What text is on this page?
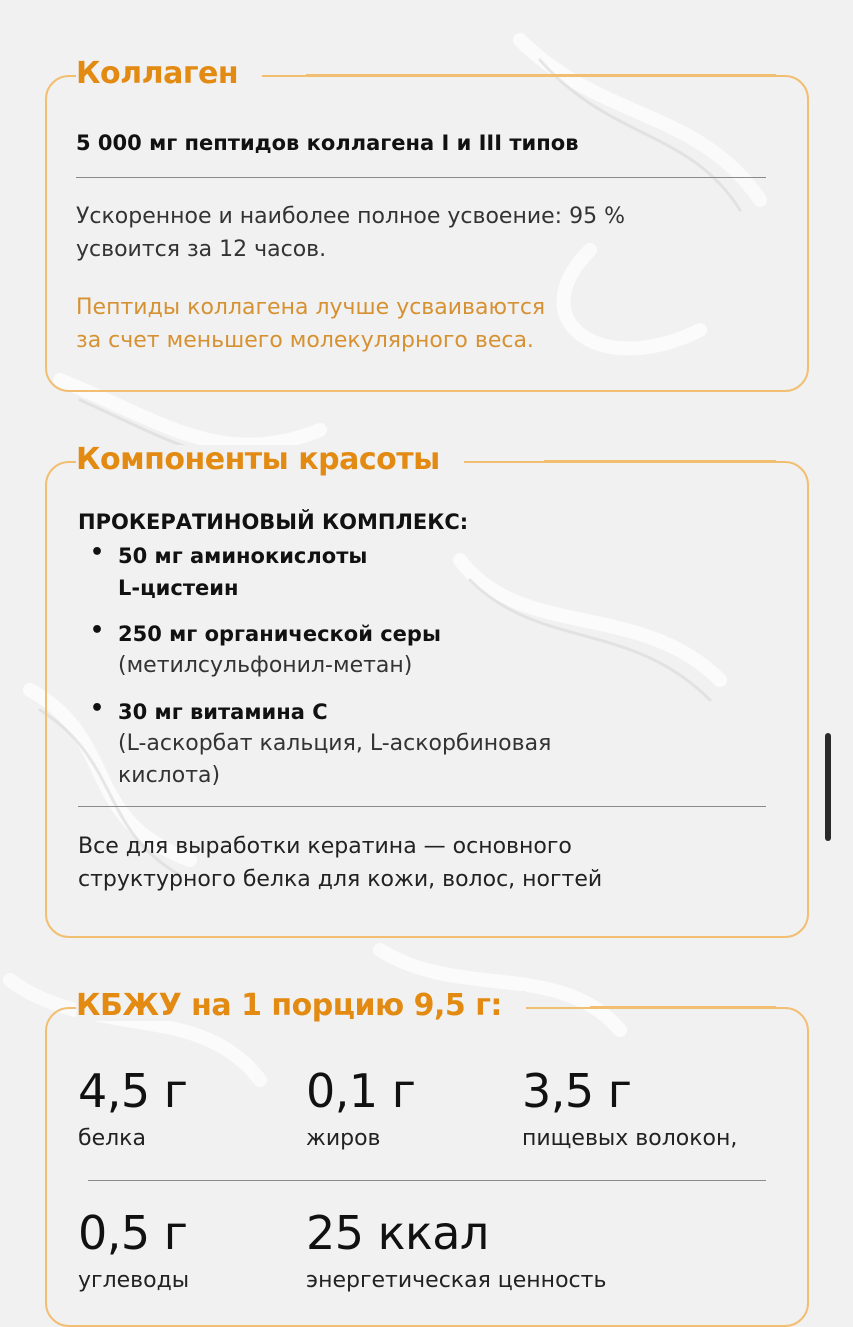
Коллаген
5 000 мг пептидов коллагена I и III типов
Ускоренное и наиболее полное усвоение: 95 %
усвоится за 12 часов.
Пептиды коллагена лучше усваиваются
за счет меньшего молекулярного веса.
Компоненты красоты
ПРОКЕРАТИНОВЫЙ КОМПЛЕКС:
• 50 мг аминокислоты
L-цистеин
• 250 мг органической серы
(метилсульфонил-метан)
• 30 мг витамина С
(L-аскорбат кальция, L-аскорбиновая
кислота)
Все для выработки кератина — основного
структурного белка для кожи, волос, ногтей
КБЖУ на 1 порцию 9,5 г:
4,5 г
белка
0,1 г
жиров
3,5 г
пищевых волокон,
0,5 г
углеводы
25 ккал
энергетическая ценность
